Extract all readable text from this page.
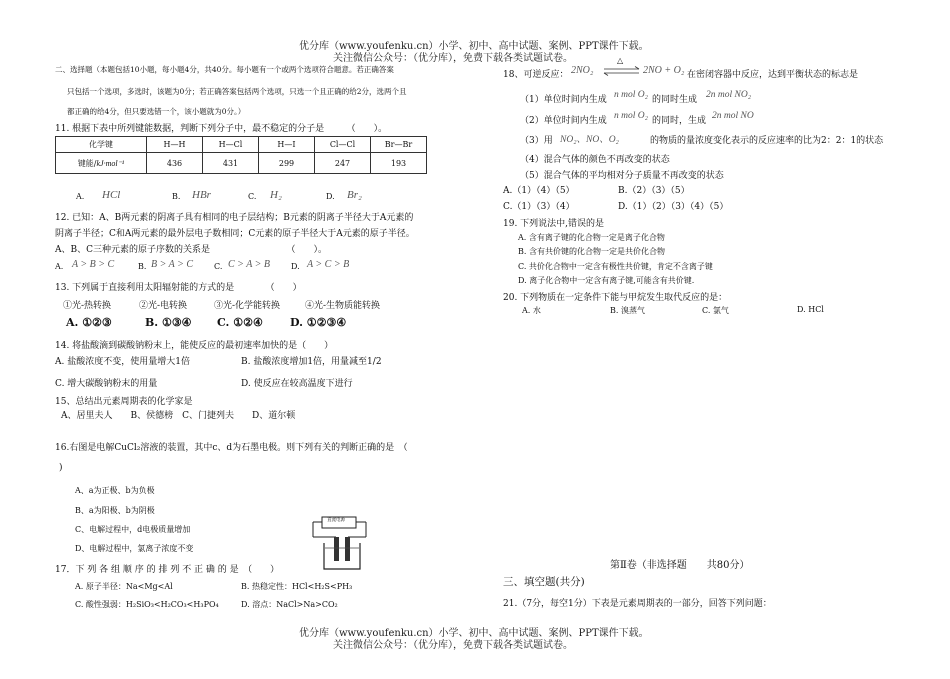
优分库（www.youfenku.cn）小学、初中、高中试题、案例、PPT课件下载。
关注微信公众号：（优分库），免费下载各类试题试卷。
二、选择题（本题包括10小题，每小题4分，共40分。每小题有一个或两个选项符合题意。若正确答案
只包括一个选项，多选时，该题为0分；若正确答案包括两个选项，只选一个且正确的给2分，选两个且
都正确的给4分，但只要选错一个，该小题就为0分。）
11. 根据下表中所列键能数据，判断下列分子中，最不稳定的分子是　　　（　　）。
化学键	H—H	H—Cl	H—I	Cl—Cl	Br—Br
键能/kJ·mol⁻¹	436	431	299	247	193
A. HCl	B. HBr	C. H₂	D. Br₂
12. 已知：A、B两元素的阴离子具有相同的电子层结构；B元素的阴离子半径大于A元素的
阴离子半径；C和A两元素的最外层电子数相同；C元素的原子半径大于A元素的原子半径。
A、B、C三种元素的原子序数的关系是　　　　　　　　　（　　）。
A. A > B > C	B. B > A > C	C. C > A > B	D. A > C > B
13. 下列属于直接利用太阳辐射能的方式的是　　　　（　　）
①光-热转换	②光-电转换	③光-化学能转换	④光-生物质能转换
A. ①②③	B. ①③④ C. ①②④ D. ①②③④
14. 将盐酸滴到碳酸钠粉末上，能使反应的最初速率加快的是（　　）
A. 盐酸浓度不变，使用量增大1倍	B. 盐酸浓度增加1倍，用量减至1/2
C. 增大碳酸钠粉末的用量	D. 使反应在较高温度下进行
15、总结出元素周期表的化学家是
A、居里夫人　　B、侯德榜　C、门捷列夫　　D、道尔顿
16.右图是电解CuCl₂溶液的装置，其中c、d为石墨电极。则下列有关的判断正确的是　（
)
A、a为正极、b为负极
B、a为阳极、b为阴极
C、电解过程中，d电极质量增加
D、电解过程中，氯离子浓度不变
直流电源
17．下 列 各 组 顺 序 的 排 列 不 正 确 的 是　（　　）
A. 原子半径：Na<Mg<Al	B. 热稳定性：HCl<H₂S<PH₃
C. 酸性强弱：H₂SiO₃<H₂CO₃<H₃PO₄	D. 溶点：NaCl>Na>CO₂
18、可逆反应： 2NO₂
△
⇌ 2NO + O₂ 在密闭容器中反应，达到平衡状态的标志是
（1）单位时间内生成 n mol O₂ 的同时生成 2n mol NO₂
（2）单位时间内生成 n mol O₂ 的同时，生成 2n mol NO
（3）用 NO₂、NO、O₂	的物质的量浓度变化表示的反应速率的比为2：2：1的状态
（4）混合气体的颜色不再改变的状态
（5）混合气体的平均相对分子质量不再改变的状态
A.（1）（4）（5）	B.（2）（3）（5）
C.（1）（3）（4）	D.（1）（2）（3）（4）（5）
19. 下列说法中,错误的是
A. 含有离子键的化合物一定是离子化合物
B. 含有共价键的化合物一定是共价化合物
C. 共价化合物中一定含有极性共价键，肯定不含离子键
D. 离子化合物中一定含有离子键,可能含有共价键.
20. 下列物质在一定条件下能与甲烷发生取代反应的是：
A. 水	B. 溴蒸气	C. 氯气	D. HCl
第Ⅱ卷（非选择题　　共80分）
三、填空题(共分)
21.（7分，每空1分）下表是元素周期表的一部分，回答下列问题：
优分库（www.youfenku.cn）小学、初中、高中试题、案例、PPT课件下载。
关注微信公众号：（优分库），免费下载各类试题试卷。
